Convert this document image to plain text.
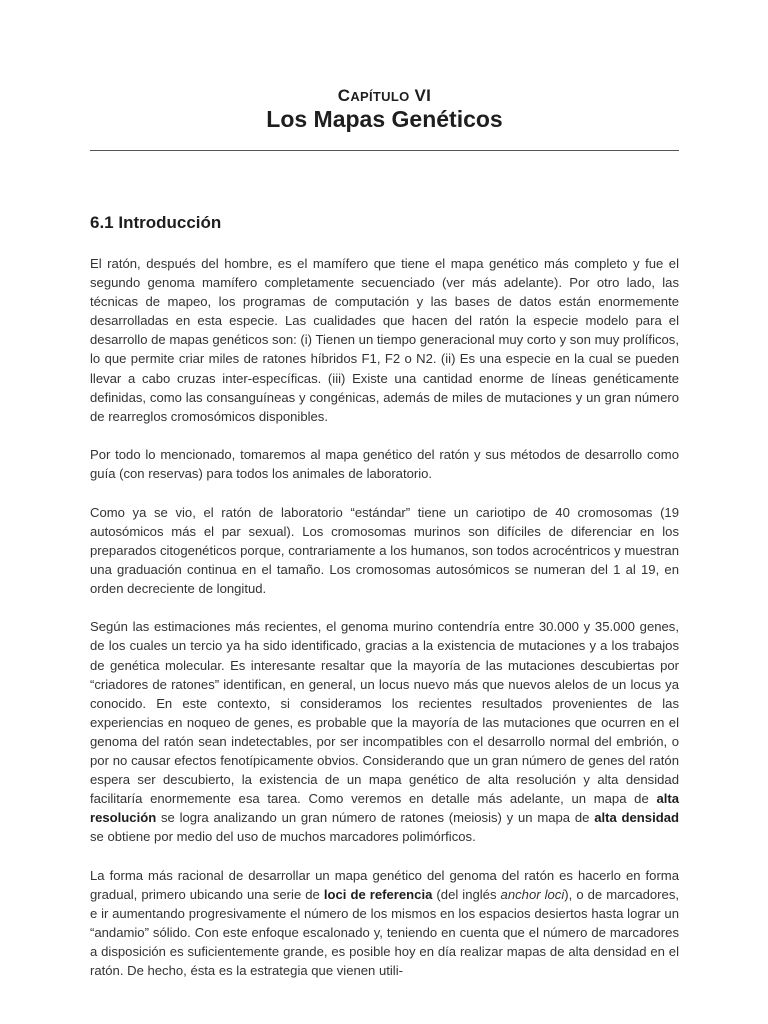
CAPÍTULO VI
Los Mapas Genéticos
6.1 Introducción

El ratón, después del hombre, es el mamífero que tiene el mapa genético más completo y fue el segundo genoma mamífero completamente secuenciado (ver más adelante). Por otro lado, las técnicas de mapeo, los programas de computación y las bases de datos están enormemente desarrolladas en esta especie. Las cualidades que hacen del ratón la especie modelo para el desarrollo de mapas genéticos son: (i) Tienen un tiempo generacional muy corto y son muy prolíficos, lo que permite criar miles de ratones híbridos F1, F2 o N2. (ii) Es una especie en la cual se pueden llevar a cabo cruzas inter-específicas. (iii) Existe una cantidad enorme de líneas genéticamente definidas, como las consanguíneas y congénicas, además de miles de mutaciones y un gran número de rearreglos cromosómicos disponibles.

Por todo lo mencionado, tomaremos al mapa genético del ratón y sus métodos de desarrollo como guía (con reservas) para todos los animales de laboratorio.

Como ya se vio, el ratón de laboratorio “estándar” tiene un cariotipo de 40 cromosomas (19 autosómicos más el par sexual). Los cromosomas murinos son difíciles de diferenciar en los preparados citogenéticos porque, contrariamente a los humanos, son todos acrocéntricos y muestran una graduación continua en el tamaño. Los cromosomas autosómicos se numeran del 1 al 19, en orden decreciente de longitud.

Según las estimaciones más recientes, el genoma murino contendría entre 30.000 y 35.000 genes, de los cuales un tercio ya ha sido identificado, gracias a la existencia de mutaciones y a los trabajos de genética molecular. Es interesante resaltar que la mayoría de las mutaciones descubiertas por “criadores de ratones” identifican, en general, un locus nuevo más que nuevos alelos de un locus ya conocido. En este contexto, si consideramos los recientes resultados provenientes de las experiencias en noqueo de genes, es probable que la mayoría de las mutaciones que ocurren en el genoma del ratón sean indetectables, por ser incompatibles con el desarrollo normal del embrión, o por no causar efectos fenotípicamente obvios. Considerando que un gran número de genes del ratón espera ser descubierto, la existencia de un mapa genético de alta resolución y alta densidad facilitaría enormemente esa tarea. Como veremos en detalle más adelante, un mapa de alta resolución se logra analizando un gran número de ratones (meiosis) y un mapa de alta densidad se obtiene por medio del uso de muchos marcadores polimórficos.

La forma más racional de desarrollar un mapa genético del genoma del ratón es hacerlo en forma gradual, primero ubicando una serie de loci de referencia (del inglés anchor loci), o de marcadores, e ir aumentando progresivamente el número de los mismos en los espacios desiertos hasta lograr un “andamio” sólido. Con este enfoque escalonado y, teniendo en cuenta que el número de marcadores a disposición es suficientemente grande, es posible hoy en día realizar mapas de alta densidad en el ratón. De hecho, ésta es la estrategia que vienen utili-
